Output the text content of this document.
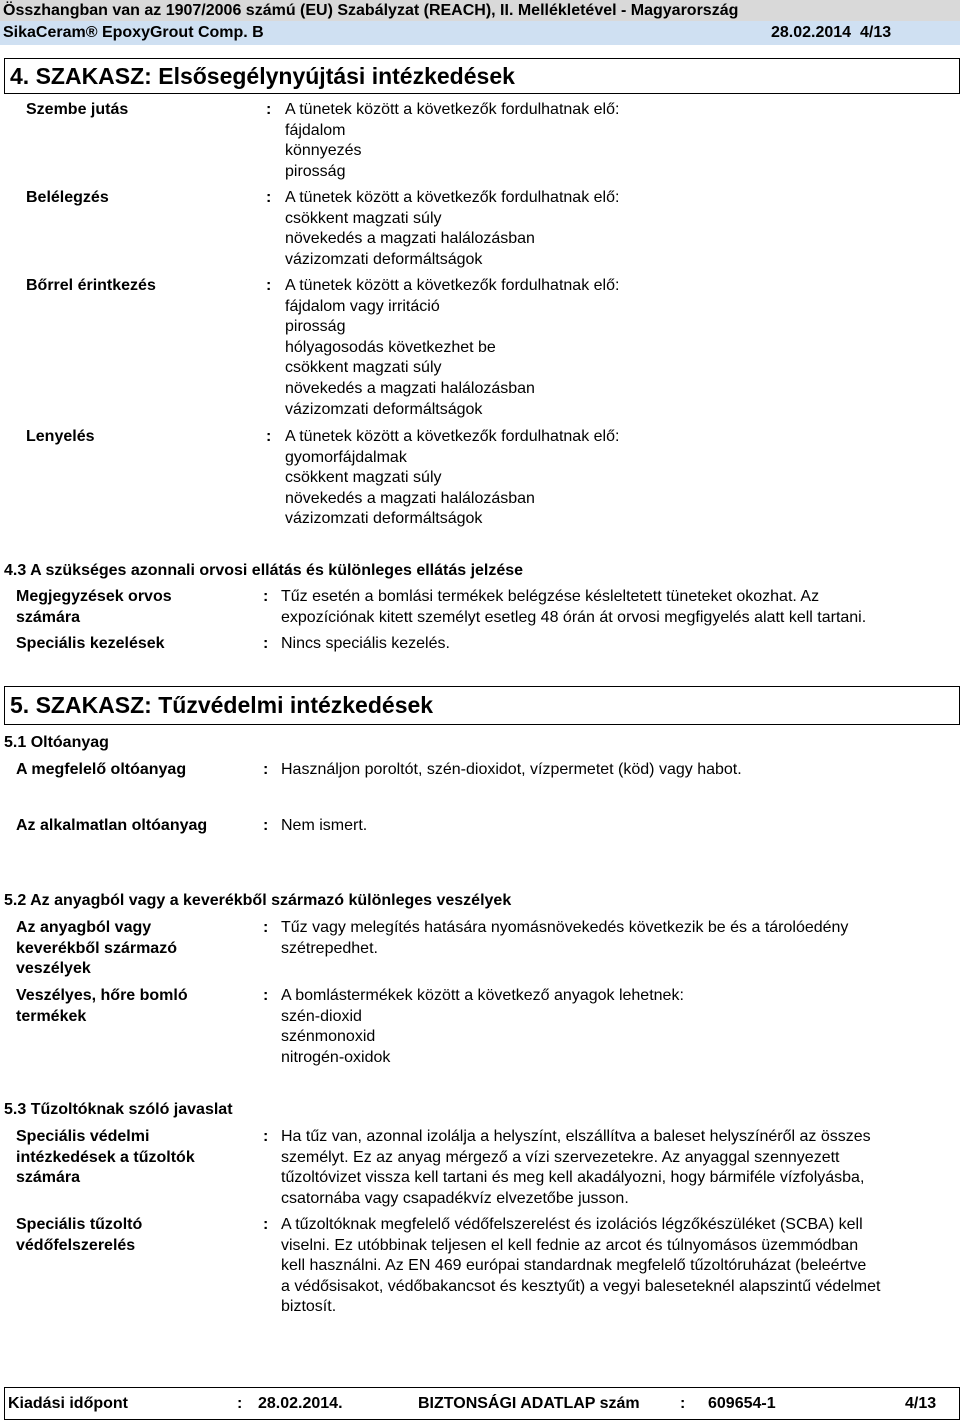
Összhangban van az 1907/2006 számú (EU) Szabályzat (REACH), II. Mellékletével - Magyarország
SikaCeram® EpoxyGrout Comp. B	28.02.2014 4/13
4. SZAKASZ: Elsősegélynyújtási intézkedések
Szembe jutás	: A tünetek között a következők fordulhatnak elő:
fájdalom
könnyezés
pirosság
Belélegzés	: A tünetek között a következők fordulhatnak elő:
csökkent magzati súly
növekedés a magzati halálozásban
vázizomzati deformáltságok
Bőrrel érintkezés	: A tünetek között a következők fordulhatnak elő:
fájdalom vagy irritáció
pirosság
hólyagosodás következhet be
csökkent magzati súly
növekedés a magzati halálozásban
vázizomzati deformáltságok
Lenyelés	: A tünetek között a következők fordulhatnak elő:
gyomorfájdalmak
csökkent magzati súly
növekedés a magzati halálozásban
vázizomzati deformáltságok
4.3 A szükséges azonnali orvosi ellátás és különleges ellátás jelzése
Megjegyzések orvos
számára
: Tűz esetén a bomlási termékek belégzése késleltetett tüneteket okozhat. Az
expozíciónak kitett személyt esetleg 48 órán át orvosi megfigyelés alatt kell tartani.
Speciális kezelések	: Nincs speciális kezelés.
5. SZAKASZ: Tűzvédelmi intézkedések
5.1 Oltóanyag
A megfelelő oltóanyag	: Használjon poroltót, szén-dioxidot, vízpermetet (köd) vagy habot.
Az alkalmatlan oltóanyag	: Nem ismert.
5.2 Az anyagból vagy a keverékből származó különleges veszélyek
Az anyagból vagy
keverékből származó
veszélyek
: Tűz vagy melegítés hatására nyomásnövekedés következik be és a tárolóedény
szétrepedhet.
Veszélyes, hőre bomló
termékek
: A bomlástermékek között a következő anyagok lehetnek:
szén-dioxid
szénmonoxid
nitrogén-oxidok
5.3 Tűzoltóknak szóló javaslat
Speciális védelmi
intézkedések a tűzoltók
számára
: Ha tűz van, azonnal izolálja a helyszínt, elszállítva a baleset helyszínéről az összes
személyt. Ez az anyag mérgező a vízi szervezetekre. Az anyaggal szennyezett
tűzoltóvizet vissza kell tartani és meg kell akadályozni, hogy bármiféle vízfolyásba,
csatornába vagy csapadékvíz elvezetőbe jusson.
Speciális tűzoltó
védőfelszerelés
: A tűzoltóknak megfelelő védőfelszerelést és izolációs légzőkészüléket (SCBA) kell
viselni. Ez utóbbinak teljesen el kell fednie az arcot és túlnyomásos üzemmódban
kell használni. Az EN 469 európai standardnak megfelelő tűzoltóruházat (beleértve
a védősisakot, védőbakancsot és kesztyűt) a vegyi baleseteknél alapszintű védelmet
biztosít.
Kiadási időpont	: 28.02.2014.	BIZTONSÁGI ADATLAP szám	: 609654-1	4/13
